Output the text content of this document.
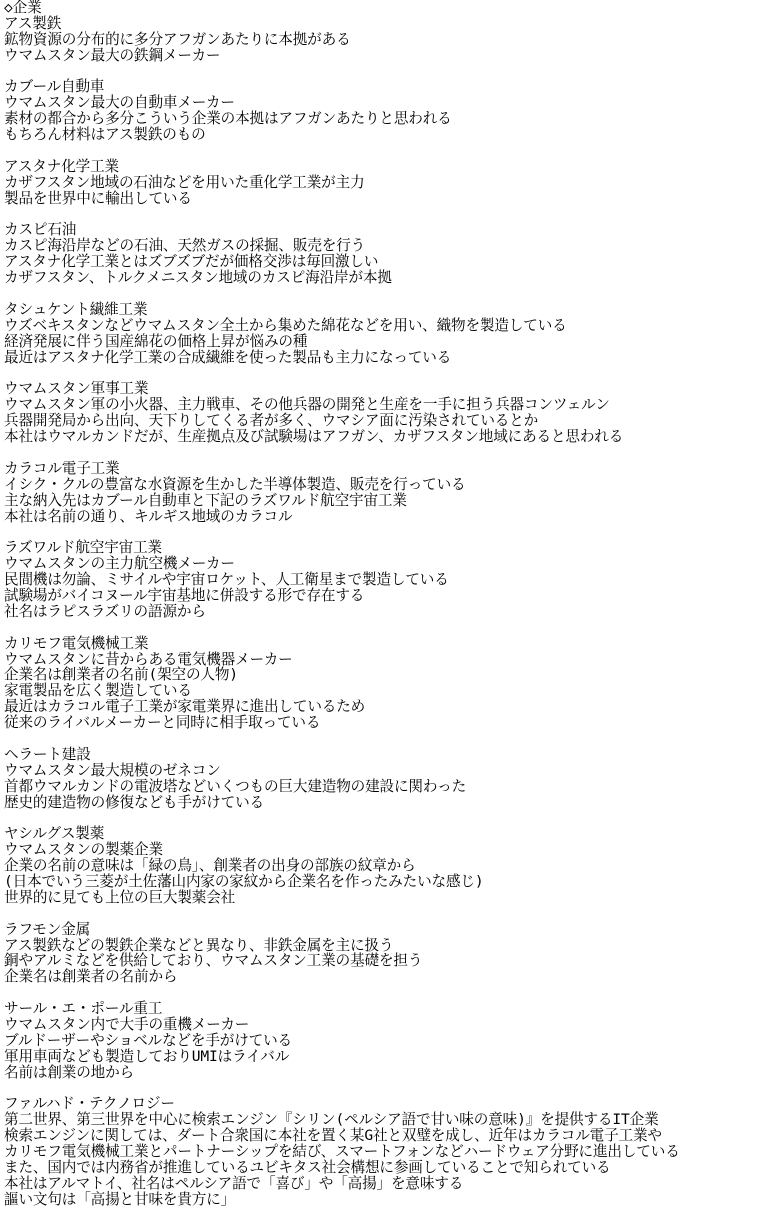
◇企業
アス製鉄
鉱物資源の分布的に多分アフガンあたりに本拠がある
ウマムスタン最大の鉄鋼メーカー
カブール自動車
ウマムスタン最大の自動車メーカー
素材の都合から多分こういう企業の本拠はアフガンあたりと思われる
もちろん材料はアス製鉄のもの
アスタナ化学工業
カザフスタン地域の石油などを用いた重化学工業が主力
製品を世界中に輸出している
カスピ石油
カスピ海沿岸などの石油、天然ガスの採掘、販売を行う
アスタナ化学工業とはズブズブだが価格交渉は毎回激しい
カザフスタン、トルクメニスタン地域のカスピ海沿岸が本拠
タシュケント繊維工業
ウズベキスタンなどウマムスタン全土から集めた綿花などを用い、織物を製造している
経済発展に伴う国産綿花の価格上昇が悩みの種
最近はアスタナ化学工業の合成繊維を使った製品も主力になっている
ウマムスタン軍事工業
ウマムスタン軍の小火器、主力戦車、その他兵器の開発と生産を一手に担う兵器コンツェルン
兵器開発局から出向、天下りしてくる者が多く、ウマシア面に汚染されているとか
本社はウマルカンドだが、生産拠点及び試験場はアフガン、カザフスタン地域にあると思われる
カラコル電子工業
イシク・クルの豊富な水資源を生かした半導体製造、販売を行っている
主な納入先はカブール自動車と下記のラズワルド航空宇宙工業
本社は名前の通り、キルギス地域のカラコル
ラズワルド航空宇宙工業
ウマムスタンの主力航空機メーカー
民間機は勿論、ミサイルや宇宙ロケット、人工衛星まで製造している
試験場がバイコヌール宇宙基地に併設する形で存在する
社名はラピスラズリの語源から
カリモフ電気機械工業
ウマムスタンに昔からある電気機器メーカー
企業名は創業者の名前(架空の人物)
家電製品を広く製造している
最近はカラコル電子工業が家電業界に進出しているため
従来のライバルメーカーと同時に相手取っている
ヘラート建設
ウマムスタン最大規模のゼネコン
首都ウマルカンドの電波塔などいくつもの巨大建造物の建設に関わった
歴史的建造物の修復なども手がけている
ヤシルグス製薬
ウマムスタンの製薬企業
企業の名前の意味は「緑の鳥」、創業者の出身の部族の紋章から
(日本でいう三菱が土佐藩山内家の家紋から企業名を作ったみたいな感じ)
世界的に見ても上位の巨大製薬会社
ラフモン金属
アス製鉄などの製鉄企業などと異なり、非鉄金属を主に扱う
銅やアルミなどを供給しており、ウマムスタン工業の基礎を担う
企業名は創業者の名前から
サール・エ・ポール重工
ウマムスタン内で大手の重機メーカー
ブルドーザーやショベルなどを手がけている
軍用車両なども製造しておりUMIはライバル
名前は創業の地から
ファルハド・テクノロジー
第二世界、第三世界を中心に検索エンジン『シリン(ペルシア語で甘い味の意味)』を提供するIT企業
検索エンジンに関しては、ダート合衆国に本社を置く某G社と双璧を成し、近年はカラコル電子工業や
カリモフ電気機械工業とパートナーシップを結び、スマートフォンなどハードウェア分野に進出している
また、国内では内務省が推進しているユビキタス社会構想に参画していることで知られている
本社はアルマトイ、社名はペルシア語で「喜び」や「高揚」を意味する
謳い文句は「高揚と甘味を貴方に」
